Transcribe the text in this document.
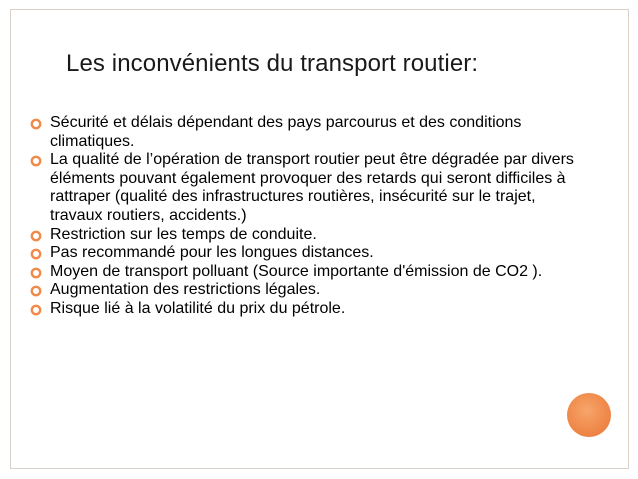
Les inconvénients du transport routier:
Sécurité et délais dépendant des pays parcourus et des conditions climatiques.
La qualité de l’opération de transport routier peut être dégradée par divers éléments pouvant également provoquer des retards qui seront difficiles à rattraper (qualité des infrastructures routières, insécurité sur le trajet, travaux routiers, accidents.)
Restriction sur les temps de conduite.
Pas recommandé pour les longues distances.
Moyen de transport polluant (Source importante d'émission de CO2 ).
Augmentation des restrictions légales.
Risque lié à la volatilité du prix du pétrole.
